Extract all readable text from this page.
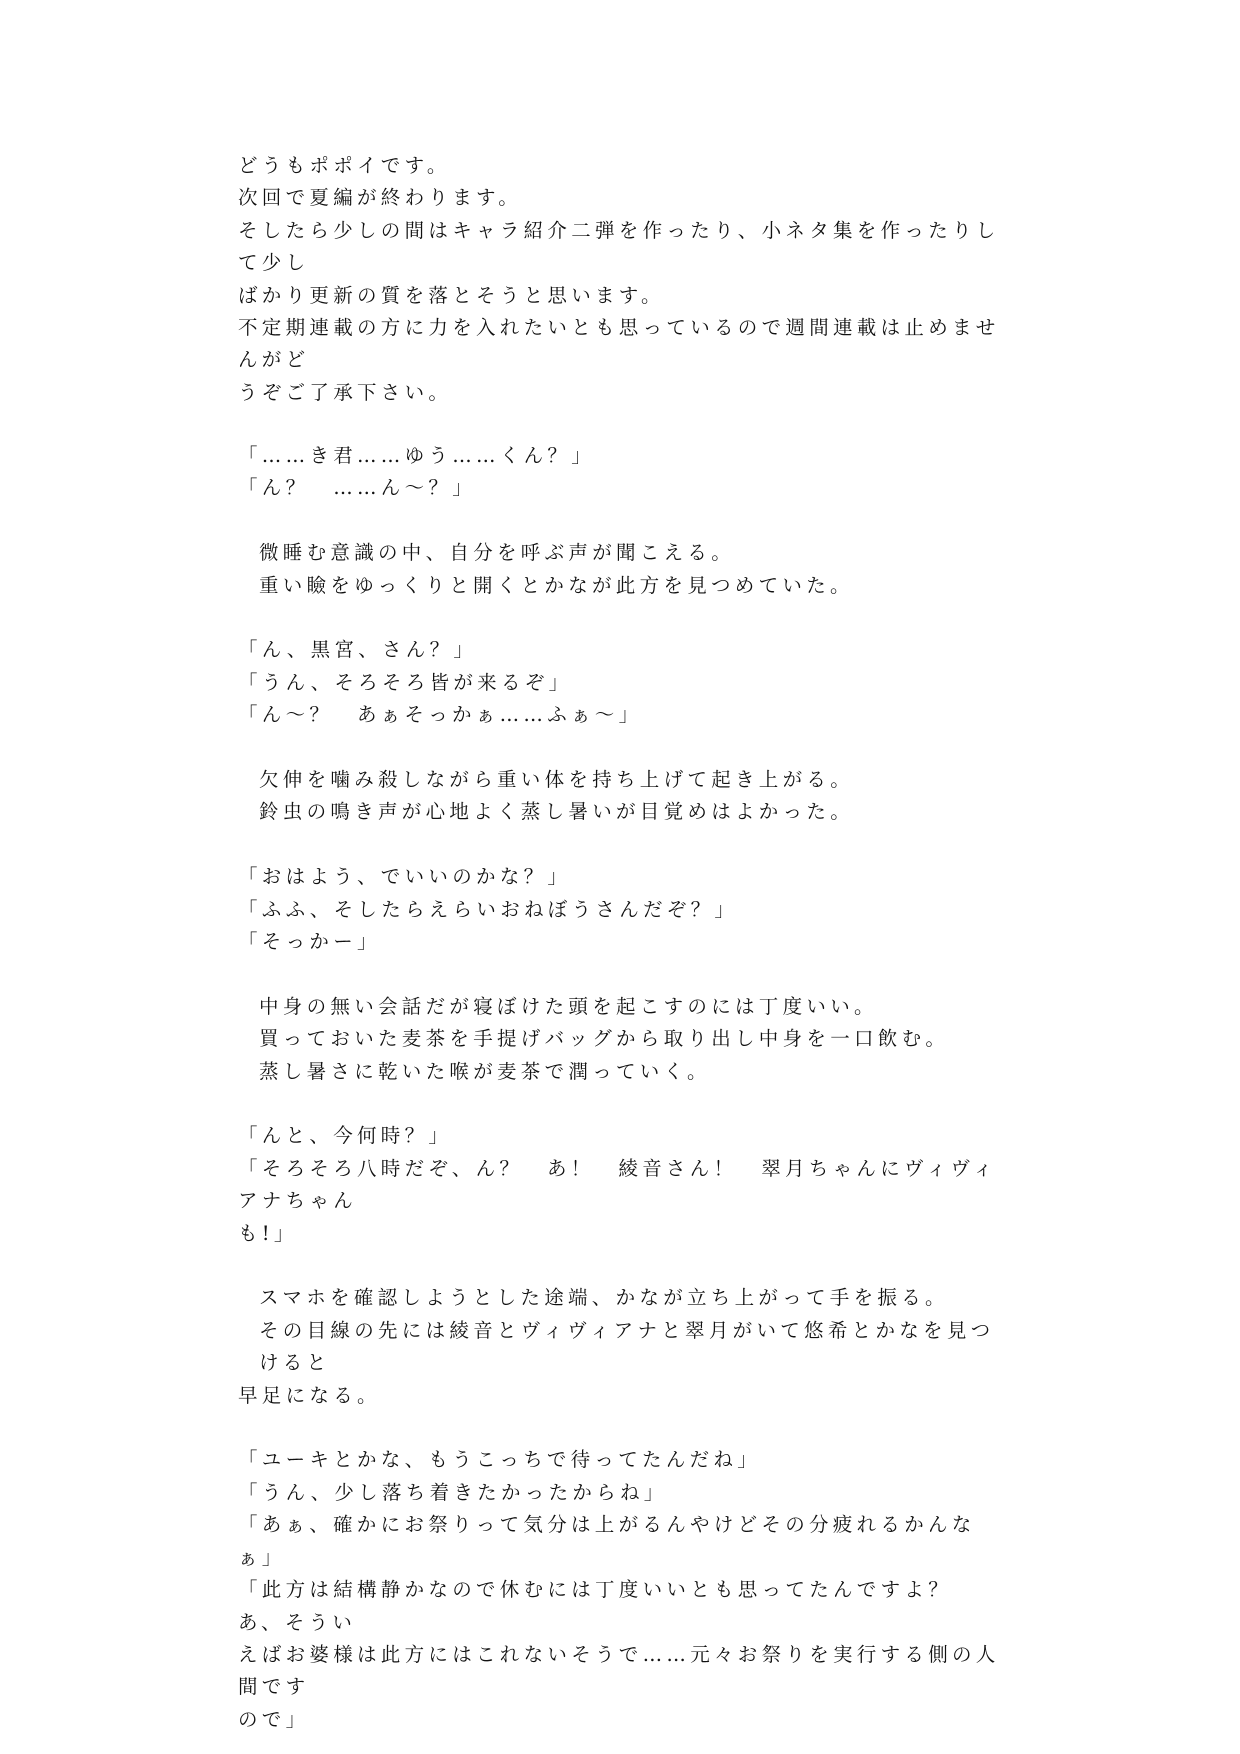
どうもポポイです。
次回で夏編が終わります。
そしたら少しの間はキャラ紹介二弾を作ったり、小ネタ集を作ったりして少し
ばかり更新の質を落とそうと思います。
不定期連載の方に力を入れたいとも思っているので週間連載は止めませんがど
うぞご了承下さい。
「……き君……ゆう……くん？」
「ん？　……ん～？」
微睡む意識の中、自分を呼ぶ声が聞こえる。
重い瞼をゆっくりと開くとかなが此方を見つめていた。
「ん、黒宮、さん？」
「うん、そろそろ皆が来るぞ」
「ん～？　あぁそっかぁ……ふぁ～」
欠伸を噛み殺しながら重い体を持ち上げて起き上がる。
鈴虫の鳴き声が心地よく蒸し暑いが目覚めはよかった。
「おはよう、でいいのかな？」
「ふふ、そしたらえらいおねぼうさんだぞ？」
「そっかー」
中身の無い会話だが寝ぼけた頭を起こすのには丁度いい。
買っておいた麦茶を手提げバッグから取り出し中身を一口飲む。
蒸し暑さに乾いた喉が麦茶で潤っていく。
「んと、今何時？」
「そろそろ八時だぞ、ん？　あ！　綾音さん！　翠月ちゃんにヴィヴィアナちゃん
も!」
スマホを確認しようとした途端、かなが立ち上がって手を振る。
その目線の先には綾音とヴィヴィアナと翠月がいて悠希とかなを見つけると
早足になる。
「ユーキとかな、もうこっちで待ってたんだね」
「うん、少し落ち着きたかったからね」
「あぁ、確かにお祭りって気分は上がるんやけどその分疲れるかんなぁ」
「此方は結構静かなので休むには丁度いいとも思ってたんですよ？　あ、そうい
えばお婆様は此方にはこれないそうで……元々お祭りを実行する側の人間です
ので」
